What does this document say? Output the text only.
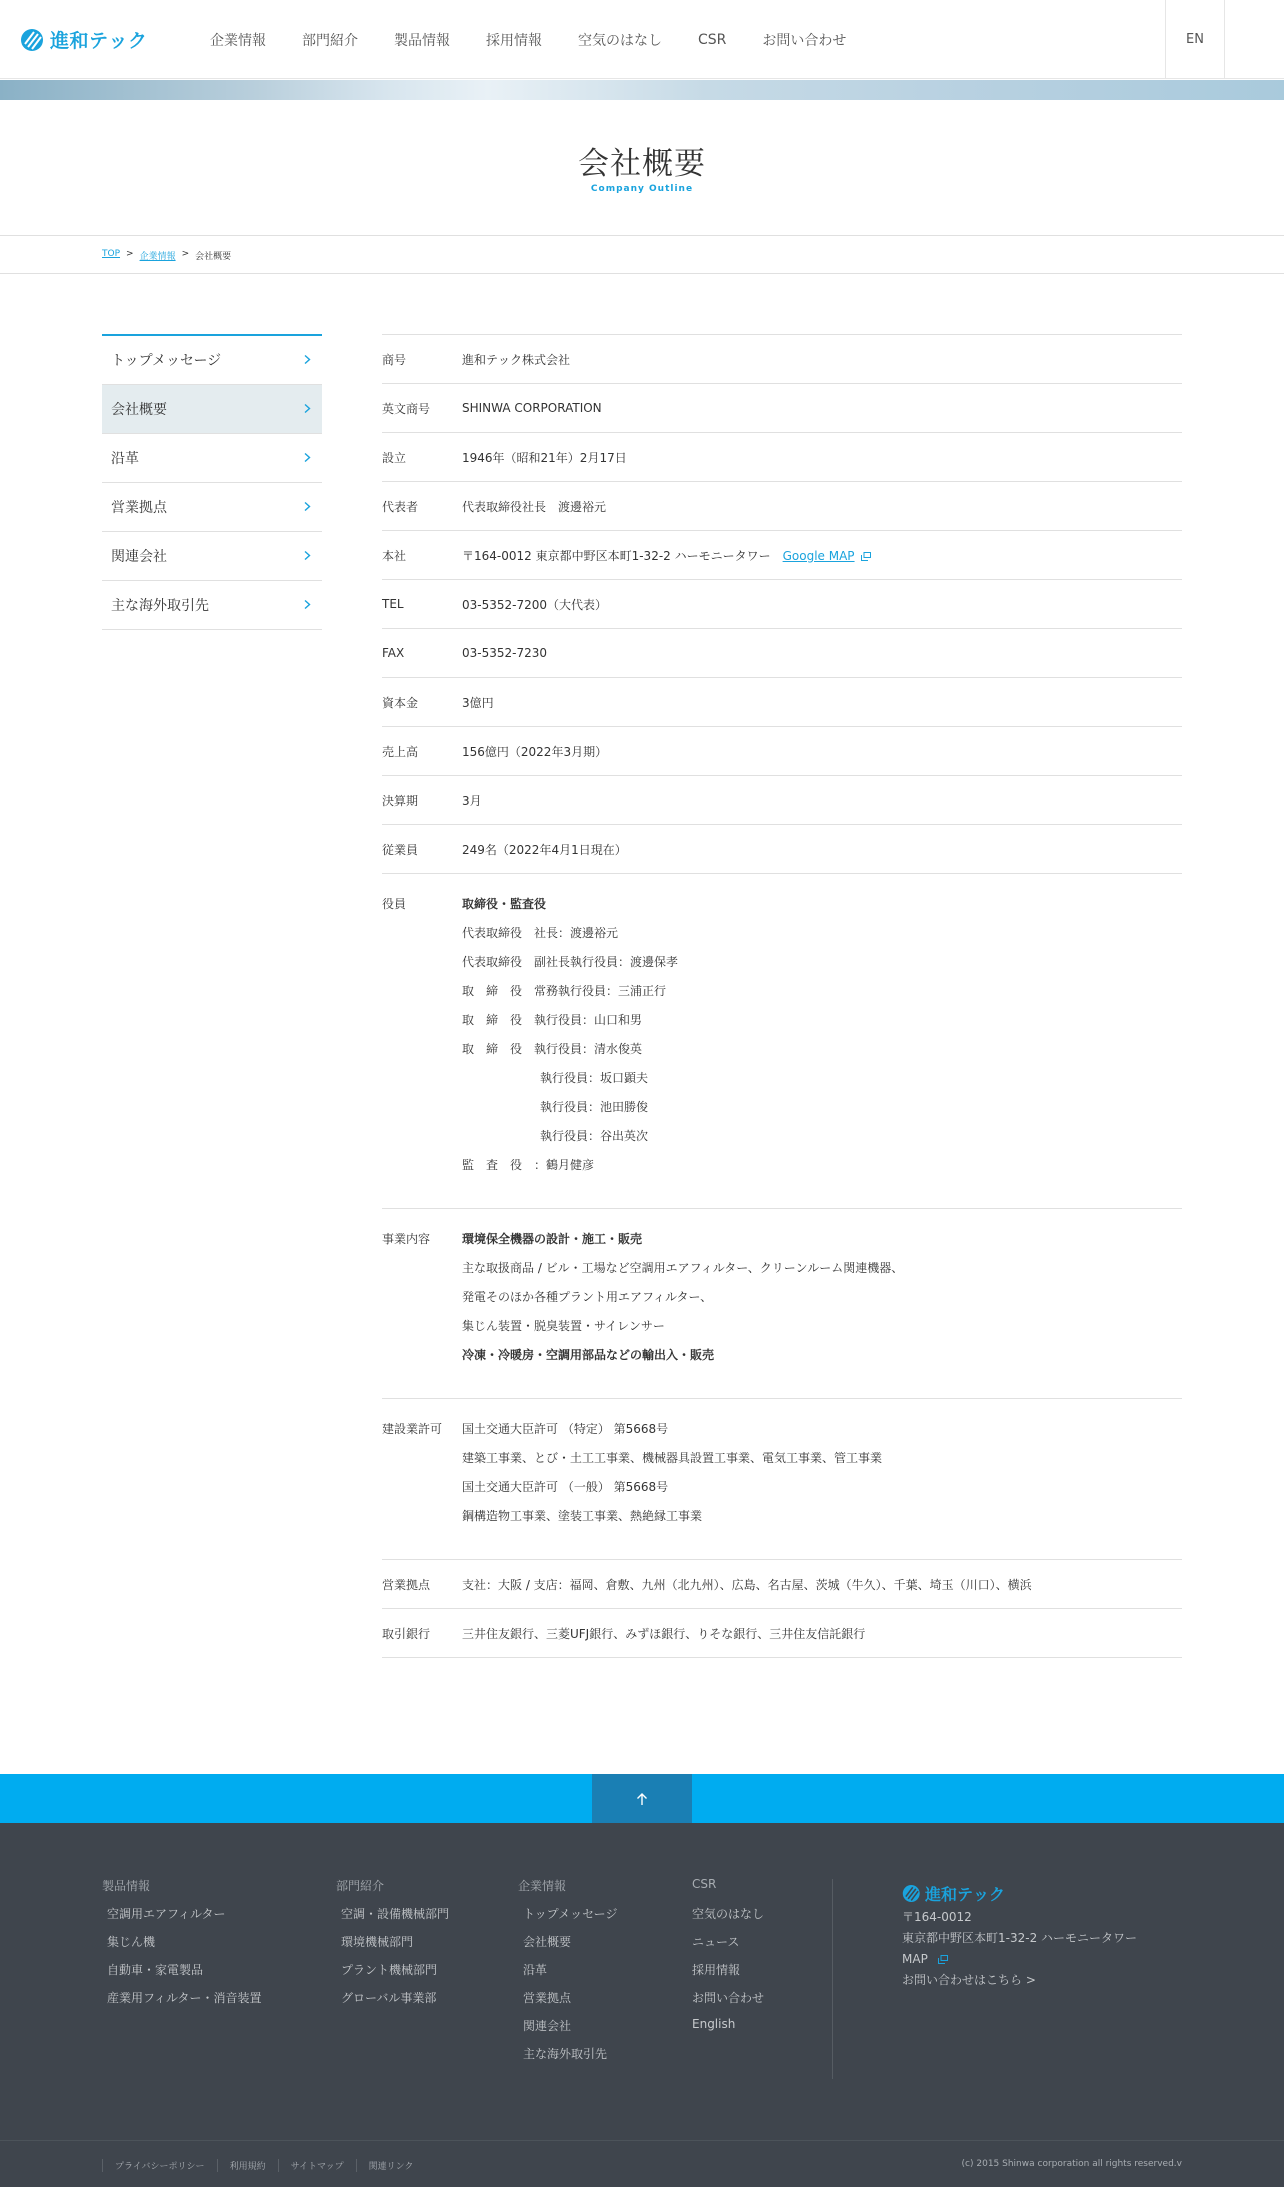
進和テック	企業情報	部門紹介	製品情報	採用情報	空気のはなし	CSR	お問い合わせ	EN
会社概要
Company Outline
TOP > 企業情報 > 会社概要
トップメッセージ
会社概要
沿革
営業拠点
関連会社
主な海外取引先
商号	進和テック株式会社
英文商号	SHINWA CORPORATION
設立	1946年（昭和21年）2月17日
代表者	代表取締役社長　渡邊裕元
本社	〒164-0012 東京都中野区本町1-32-2 ハーモニータワー Google MAP
TEL	03-5352-7200（大代表）
FAX	03-5352-7230
資本金	3億円
売上高	156億円（2022年3月期）
決算期	3月
従業員	249名（2022年4月1日現在）
役員	取締役・監査役
代表取締役　社長：渡邊裕元
代表取締役　副社長執行役員：渡邊保孝
取　締　役　常務執行役員：三浦正行
取　締　役　執行役員：山口和男
取　締　役　執行役員：清水俊英
執行役員：坂口顕夫
執行役員：池田勝俊
執行役員：谷出英次
監　査　役　：鶴月健彦
事業内容	環境保全機器の設計・施工・販売
主な取扱商品 / ビル・工場など空調用エアフィルター、クリーンルーム関連機器、
発電そのほか各種プラント用エアフィルター、
集じん装置・脱臭装置・サイレンサー
冷凍・冷暖房・空調用部品などの輸出入・販売
建設業許可	国土交通大臣許可 （特定） 第5668号
建築工事業、とび・土工工事業、機械器具設置工事業、電気工事業、管工事業
国土交通大臣許可 （一般） 第5668号
鋼構造物工事業、塗装工事業、熱絶縁工事業
営業拠点	支社：大阪 / 支店：福岡、倉敷、九州（北九州）、広島、名古屋、茨城（牛久）、千葉、埼玉（川口）、横浜
取引銀行	三井住友銀行、三菱UFJ銀行、みずほ銀行、りそな銀行、三井住友信託銀行
製品情報
空調用エアフィルター
集じん機
自動車・家電製品
産業用フィルター・消音装置
部門紹介
空調・設備機械部門
環境機械部門
プラント機械部門
グローバル事業部
企業情報
トップメッセージ
会社概要
沿革
営業拠点
関連会社
主な海外取引先
CSR
空気のはなし
ニュース
採用情報
お問い合わせ
English
進和テック
〒164-0012
東京都中野区本町1-32-2 ハーモニータワー
MAP
お問い合わせはこちら >
プライバシーポリシー	利用規約	サイトマップ	関連リンク	(c) 2015 Shinwa corporation all rights reserved.v
